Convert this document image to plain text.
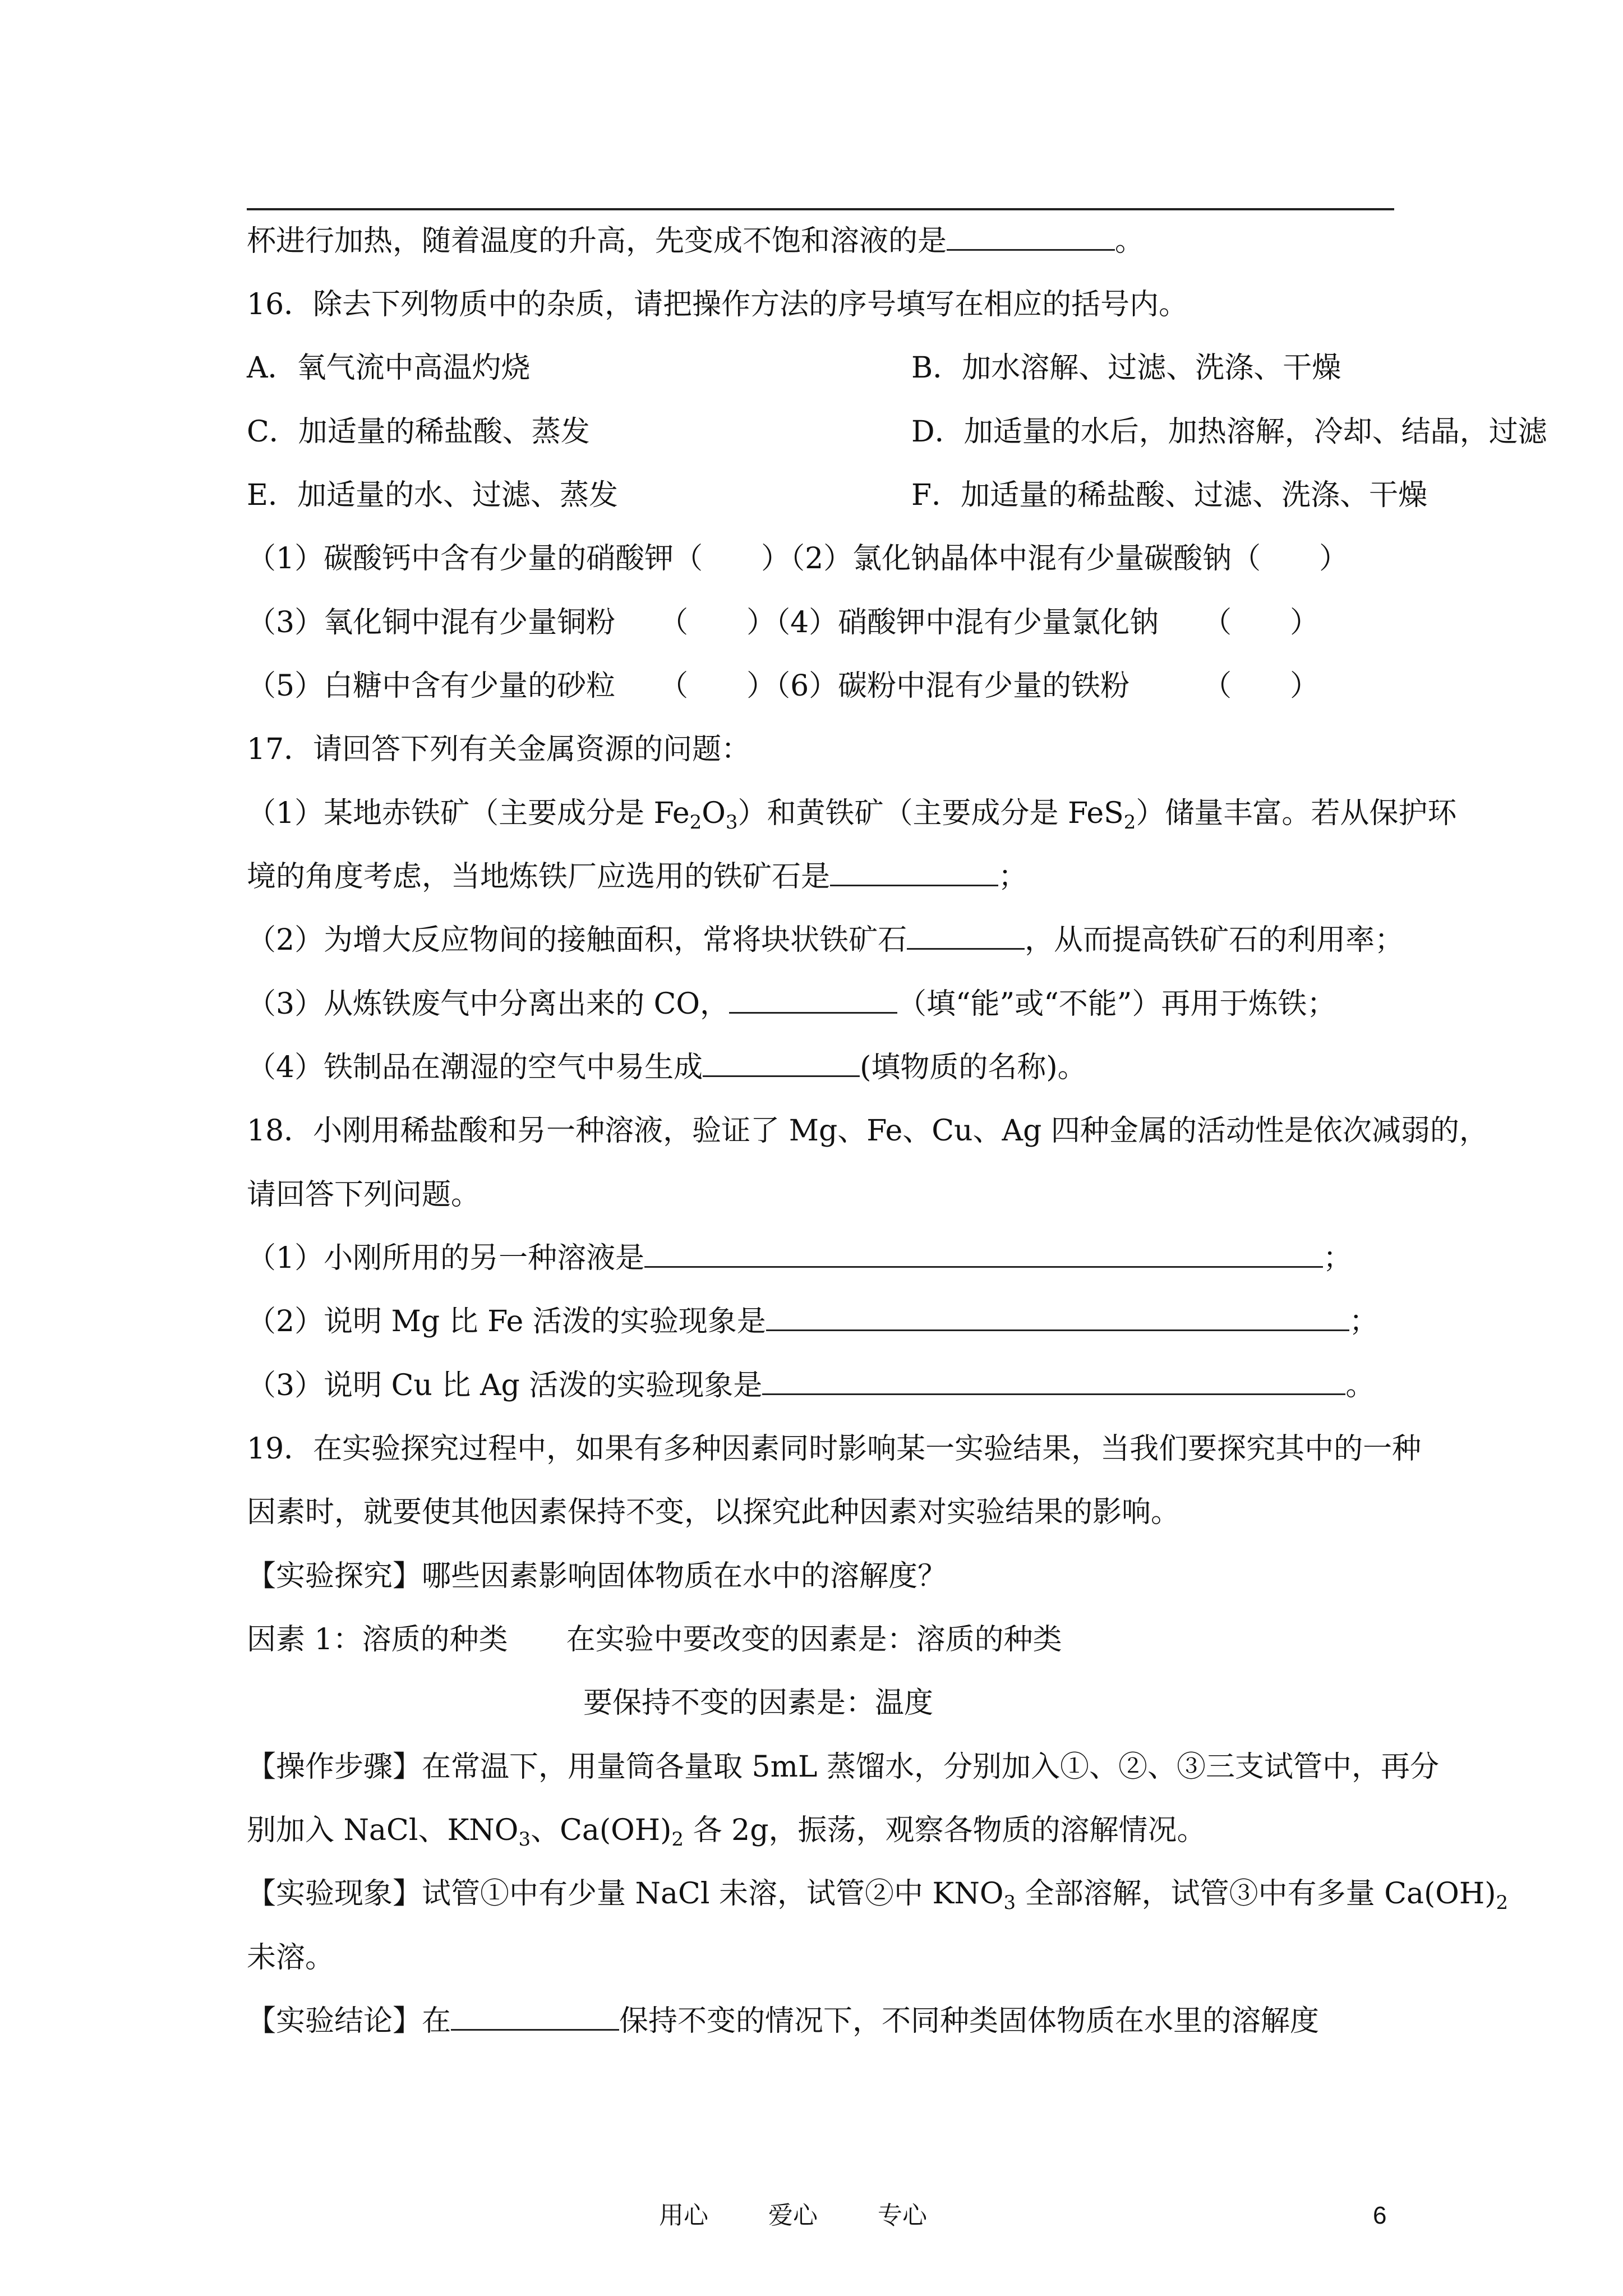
杯进行加热，随着温度的升高，先变成不饱和溶液的是	。
16．除去下列物质中的杂质，请把操作方法的序号填写在相应的括号内。
A．氧气流中高温灼烧	B．加水溶解、过滤、洗涤、干燥
C．加适量的稀盐酸、蒸发	D．加适量的水后，加热溶解，冷却、结晶，过滤
E．加适量的水、过滤、蒸发	F．加适量的稀盐酸、过滤、洗涤、干燥
（1）碳酸钙中含有少量的硝酸钾（　　）（2）氯化钠晶体中混有少量碳酸钠（　　）
（3）氧化铜中混有少量铜粉　　（　　）（4）硝酸钾中混有少量氯化钠　　（　　）
（5）白糖中含有少量的砂粒　　（　　）（6）碳粉中混有少量的铁粉　　　（　　）
17．请回答下列有关金属资源的问题：
（1）某地赤铁矿（主要成分是 $Fe_2O_3$）和黄铁矿（主要成分是 FeS$_2$）储量丰富。若从保护环
境的角度考虑，当地炼铁厂应选用的铁矿石是	；
（2）为增大反应物间的接触面积，常将块状铁矿石	，从而提高铁矿石的利用率；
（3）从炼铁废气中分离出来的 CO，	（填“能”或“不能”）再用于炼铁；
（4）铁制品在潮湿的空气中易生成	(填物质的名称)。
18．小刚用稀盐酸和另一种溶液，验证了 Mg、Fe、Cu、Ag 四种金属的活动性是依次减弱的，
请回答下列问题。
（1）小刚所用的另一种溶液是	；
（2）说明 Mg 比 Fe 活泼的实验现象是	；
（3）说明 Cu 比 Ag 活泼的实验现象是	。
19．在实验探究过程中，如果有多种因素同时影响某一实验结果，当我们要探究其中的一种
因素时，就要使其他因素保持不变，以探究此种因素对实验结果的影响。
【实验探究】哪些因素影响固体物质在水中的溶解度？
因素 1：溶质的种类　　在实验中要改变的因素是：溶质的种类
要保持不变的因素是：温度
【操作步骤】在常温下，用量筒各量取 5mL 蒸馏水，分别加入①、②、③三支试管中，再分
别加入 NaCl、$KNO_3$、$Ca(OH)_2$ 各 2g，振荡，观察各物质的溶解情况。
【实验现象】试管①中有少量 NaCl 未溶，试管②中 $KNO_3$ 全部溶解，试管③中有多量 $Ca(OH)_2$
未溶。
【实验结论】在	保持不变的情况下，不同种类固体物质在水里的溶解度
用心 爱心 专心	6
